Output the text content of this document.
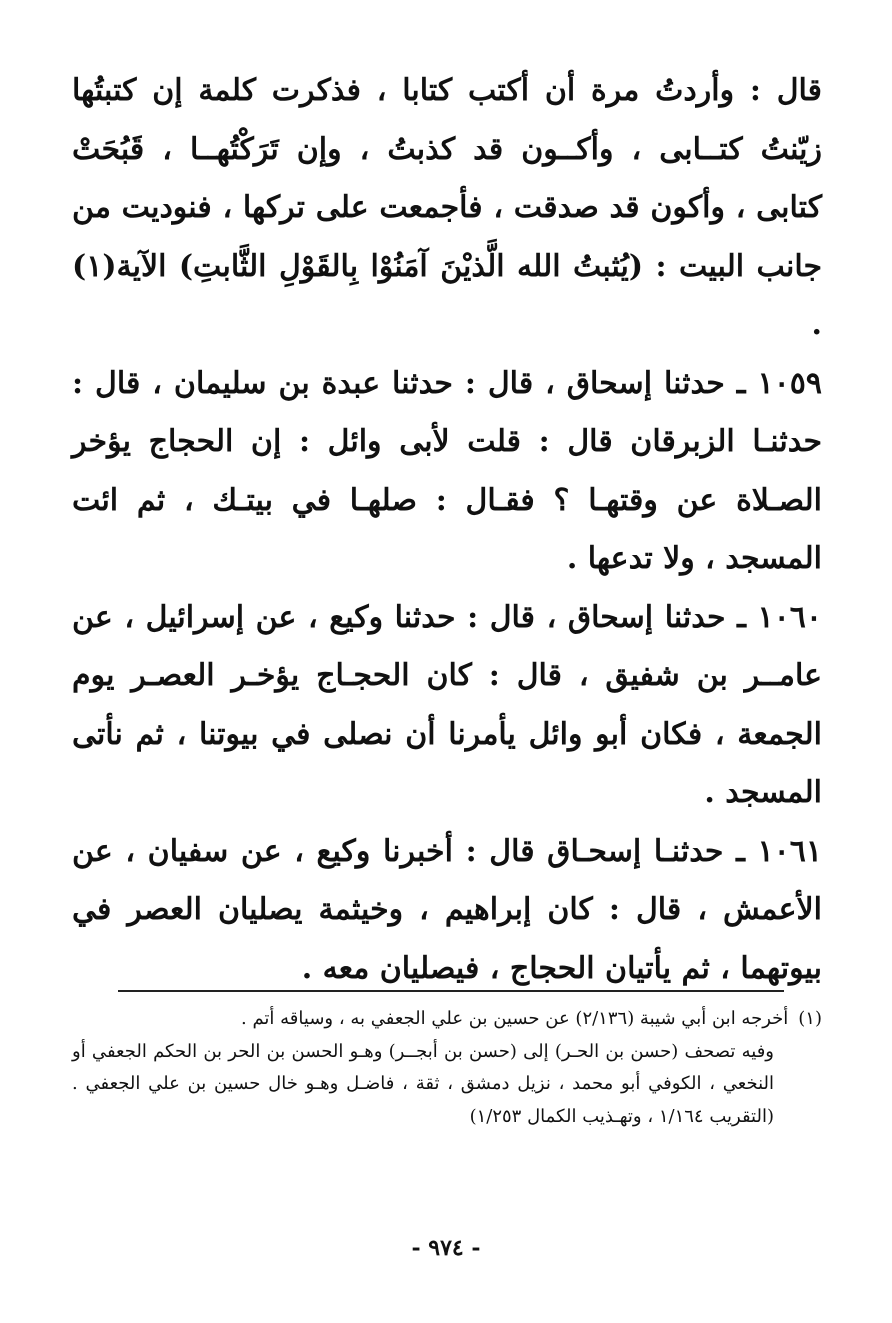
قال : وأردتُ مرة أن أكتب كتابا ، فذكرت كلمة إن كتبتُها زيّنتُ كتــابى ، وأكــون قد كذبتُ ، وإن تَرَكْتُهــا ، قَبُحَتْ كتابى ، وأكون قد صدقت ، فأجمعت على تركها ، فنوديت من جانب البيت : (يُثبتُ الله الَّذيْنَ آمَنُوْا بِالقَوْلِ الثَّابتِ) الآية(١) .

١٠٥٩ ـ حدثنا إسحاق ، قال : حدثنا عبدة بن سليمان ، قال : حدثنـا الزبرقان قال : قلت لأبى وائل : إن الحجاج يؤخر الصـلاة عن وقتهـا ؟ فقـال : صلهـا في بيتـك ، ثم ائت المسجد ، ولا تدعها .

١٠٦٠ ـ حدثنا إسحاق ، قال : حدثنا وكيع ، عن إسرائيل ، عن عامــر بن شفيق ، قال : كان الحجـاج يؤخـر العصـر يوم الجمعة ، فكان أبو وائل يأمرنا أن نصلى في بيوتنا ، ثم نأتى المسجد .

١٠٦١ ـ حدثنـا إسحـاق قال : أخبرنا وكيع ، عن سفيان ، عن الأعمش ، قال : كان إبراهيم ، وخيثمة يصليان العصر في بيوتهما ، ثم يأتيان الحجاج ، فيصليان معه .

(١)أخرجه ابن أبي شيبة (٢/١٣٦) عن حسين بن علي الجعفي به ، وسياقه أتم .

وفيه تصحف (حسن بن الحـر) إلى (حسن بن أبجــر) وهـو الحسن بن الحر بن الحكم الجعفي أو النخعي ، الكوفي أبو محمد ، نزيل دمشق ، ثقة ، فاضـل وهـو خال حسين بن علي الجعفي . (التقريب ١/١٦٤ ، وتهـذيب الكمال ١/٢٥٣)

- ٩٧٤ -
